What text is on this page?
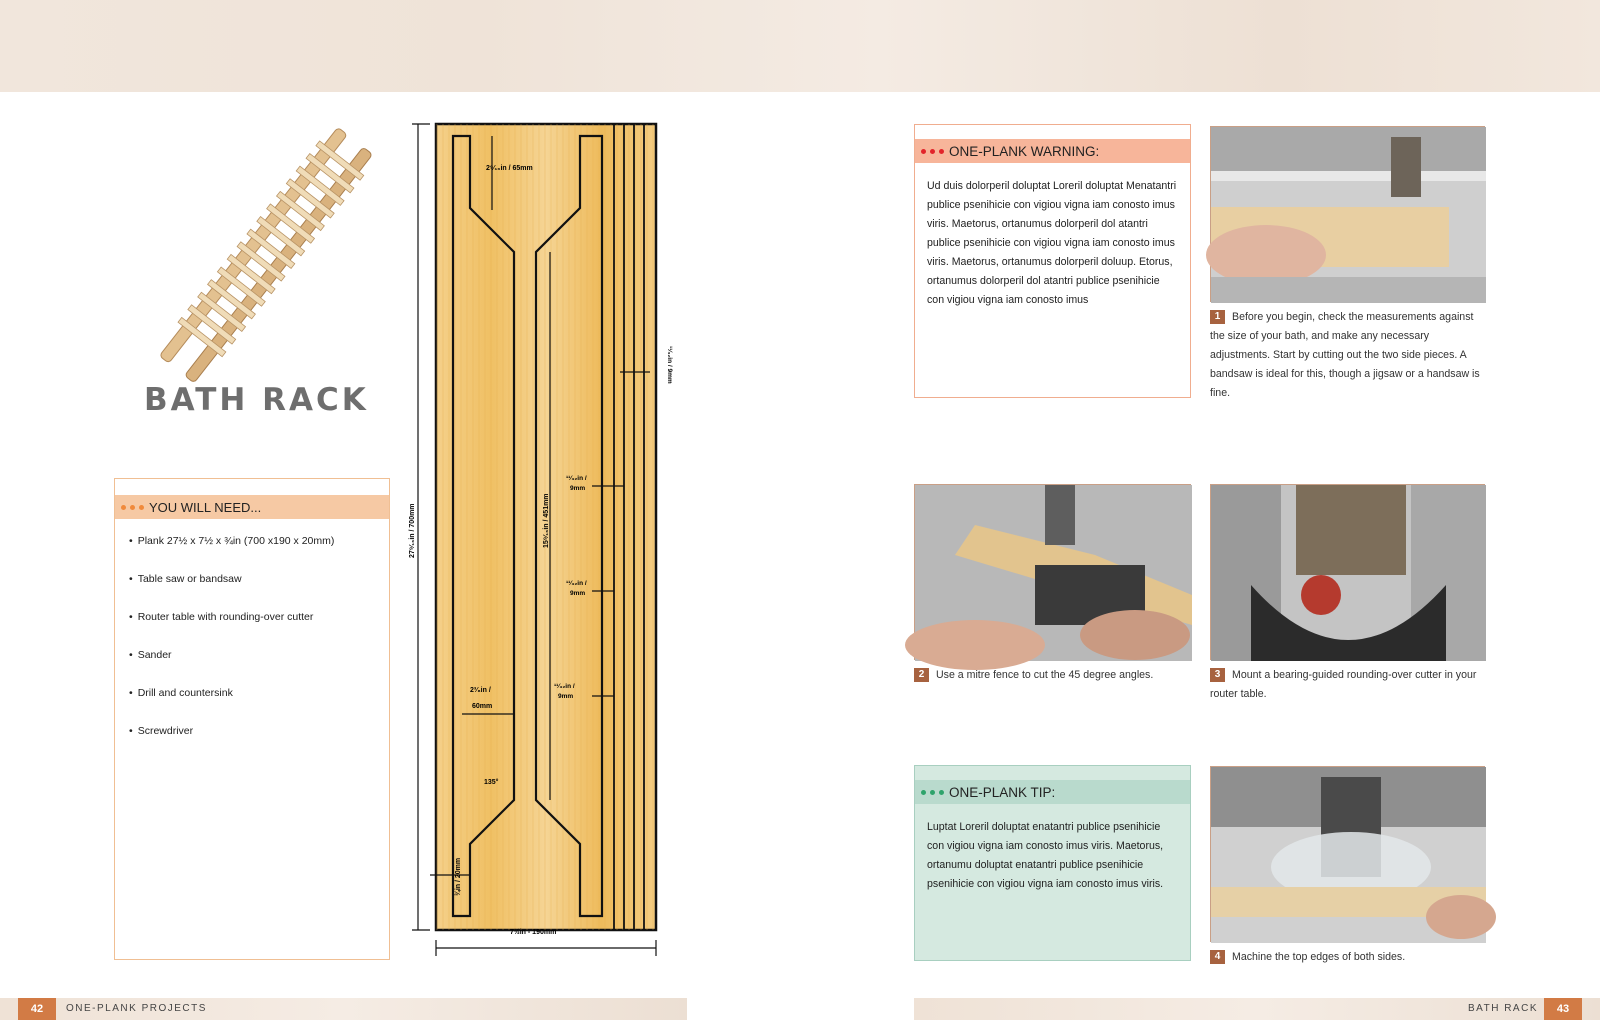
BATH RACK
YOU WILL NEED...
• Plank 27½ x 7½ x ¾in (700 x190 x 20mm)
• Table saw or bandsaw
• Router table with rounding-over cutter
• Sander
• Drill and countersink
• Screwdriver
2⁹⁄₁₆in / 65mm
27⁹⁄₁₆in / 700mm
¹¹⁄₃₂in / 9mm
15⁹⁄₁₆in / 451mm
¹¹⁄₃₂in /
9mm
¹¹⁄₃₂in /
9mm
¹¹⁄₃₂in /
9mm
2³⁄₈in /
60mm
135°
¾in / 20mm
7½in - 190mm
42	ONE-PLANK PROJECTS
ONE-PLANK WARNING:
Ud duis dolorperil doluptat Loreril doluptat Menatantri publice psenihicie con vigiou vigna iam conosto imus viris. Maetorus, ortanumus dolorperil dol atantri publice psenihicie con vigiou vigna iam conosto imus viris. Maetorus, ortanumus dolorperil doluup. Etorus, ortanumus dolorperil dol atantri publice psenihicie con vigiou vigna iam conosto imus
1 Before you begin, check the measurements against the size of your bath, and make any necessary adjustments. Start by cutting out the two side pieces. A bandsaw is ideal for this, though a jigsaw or a handsaw is fine.
2 Use a mitre fence to cut the 45 degree angles.	3 Mount a bearing-guided rounding-over cutter in your router table.
ONE-PLANK TIP:
Luptat Loreril doluptat enatantri publice psenihicie con vigiou vigna iam conosto imus viris. Maetorus, ortanumu doluptat enatantri publice psenihicie psenihicie con vigiou vigna iam conosto imus viris.
4 Machine the top edges of both sides.
BATH RACK	43
